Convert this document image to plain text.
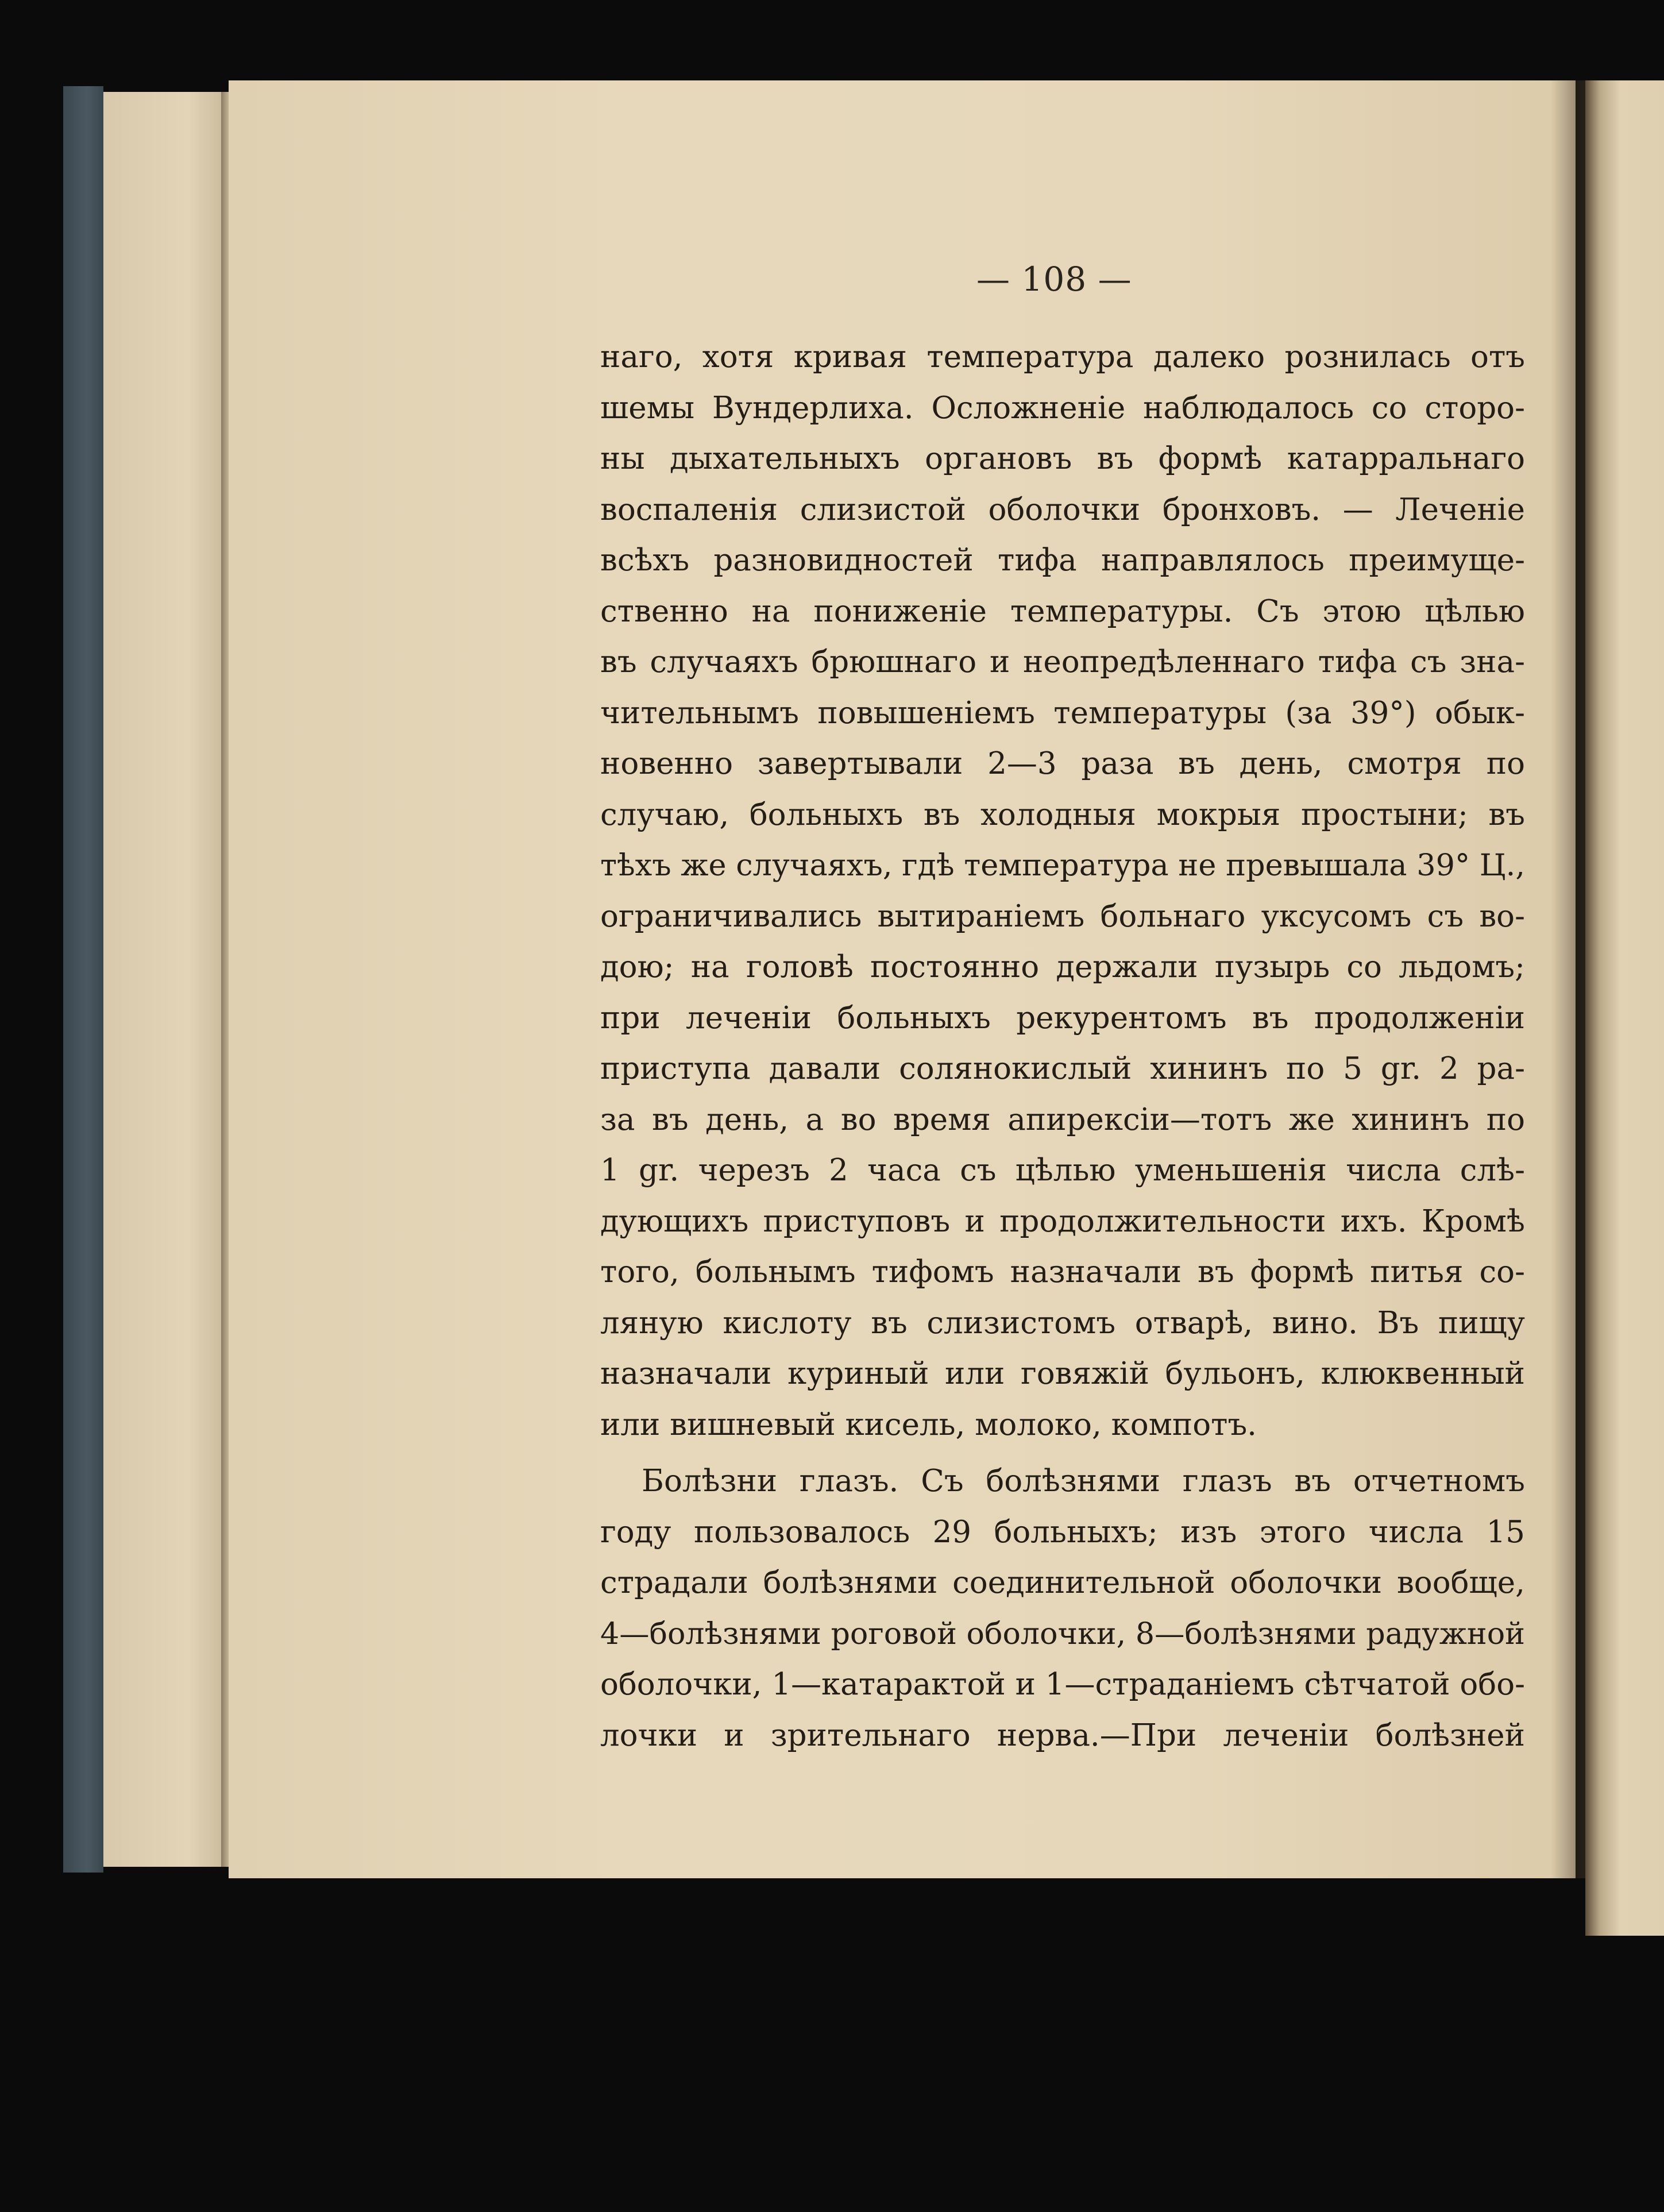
— 108 —
наго, хотя кривая температура далеко рознилась отъ
шемы Вундерлиха. Осложненіе наблюдалось со сторо-
ны дыхательныхъ органовъ въ формѣ катарральнаго
воспаленія слизистой оболочки бронховъ. — Леченіе
всѣхъ разновидностей тифа направлялось преимуще-
ственно на пониженіе температуры. Съ этою цѣлью
въ случаяхъ брюшнаго и неопредѣленнаго тифа съ зна-
чительнымъ повышеніемъ температуры (за 39°) обык-
новенно завертывали 2—3 раза въ день, смотря по
случаю, больныхъ въ холодныя мокрыя простыни; въ
тѣхъ же случаяхъ, гдѣ температура не превышала 39° Ц.,
ограничивались вытираніемъ больнаго уксусомъ съ во-
дою; на головѣ постоянно держали пузырь со льдомъ;
при леченіи больныхъ рекурентомъ въ продолженіи
приступа давали солянокислый хининъ по 5 gr. 2 ра-
за въ день, а во время апирексіи—тотъ же хининъ по
1 gr. черезъ 2 часа съ цѣлью уменьшенія числа слѣ-
дующихъ приступовъ и продолжительности ихъ. Кромѣ
того, больнымъ тифомъ назначали въ формѣ питья со-
ляную кислоту въ слизистомъ отварѣ, вино. Въ пищу
назначали куриный или говяжій бульонъ, клюквенный
или вишневый кисель, молоко, компотъ.
Болѣзни глазъ. Съ болѣзнями глазъ въ отчетномъ
году пользовалось 29 больныхъ; изъ этого числа 15
страдали болѣзнями соединительной оболочки вообще,
4—болѣзнями роговой оболочки, 8—болѣзнями радужной
оболочки, 1—катарактой и 1—страданіемъ сѣтчатой обо-
лочки и зрительнаго нерва.—При леченіи болѣзней
